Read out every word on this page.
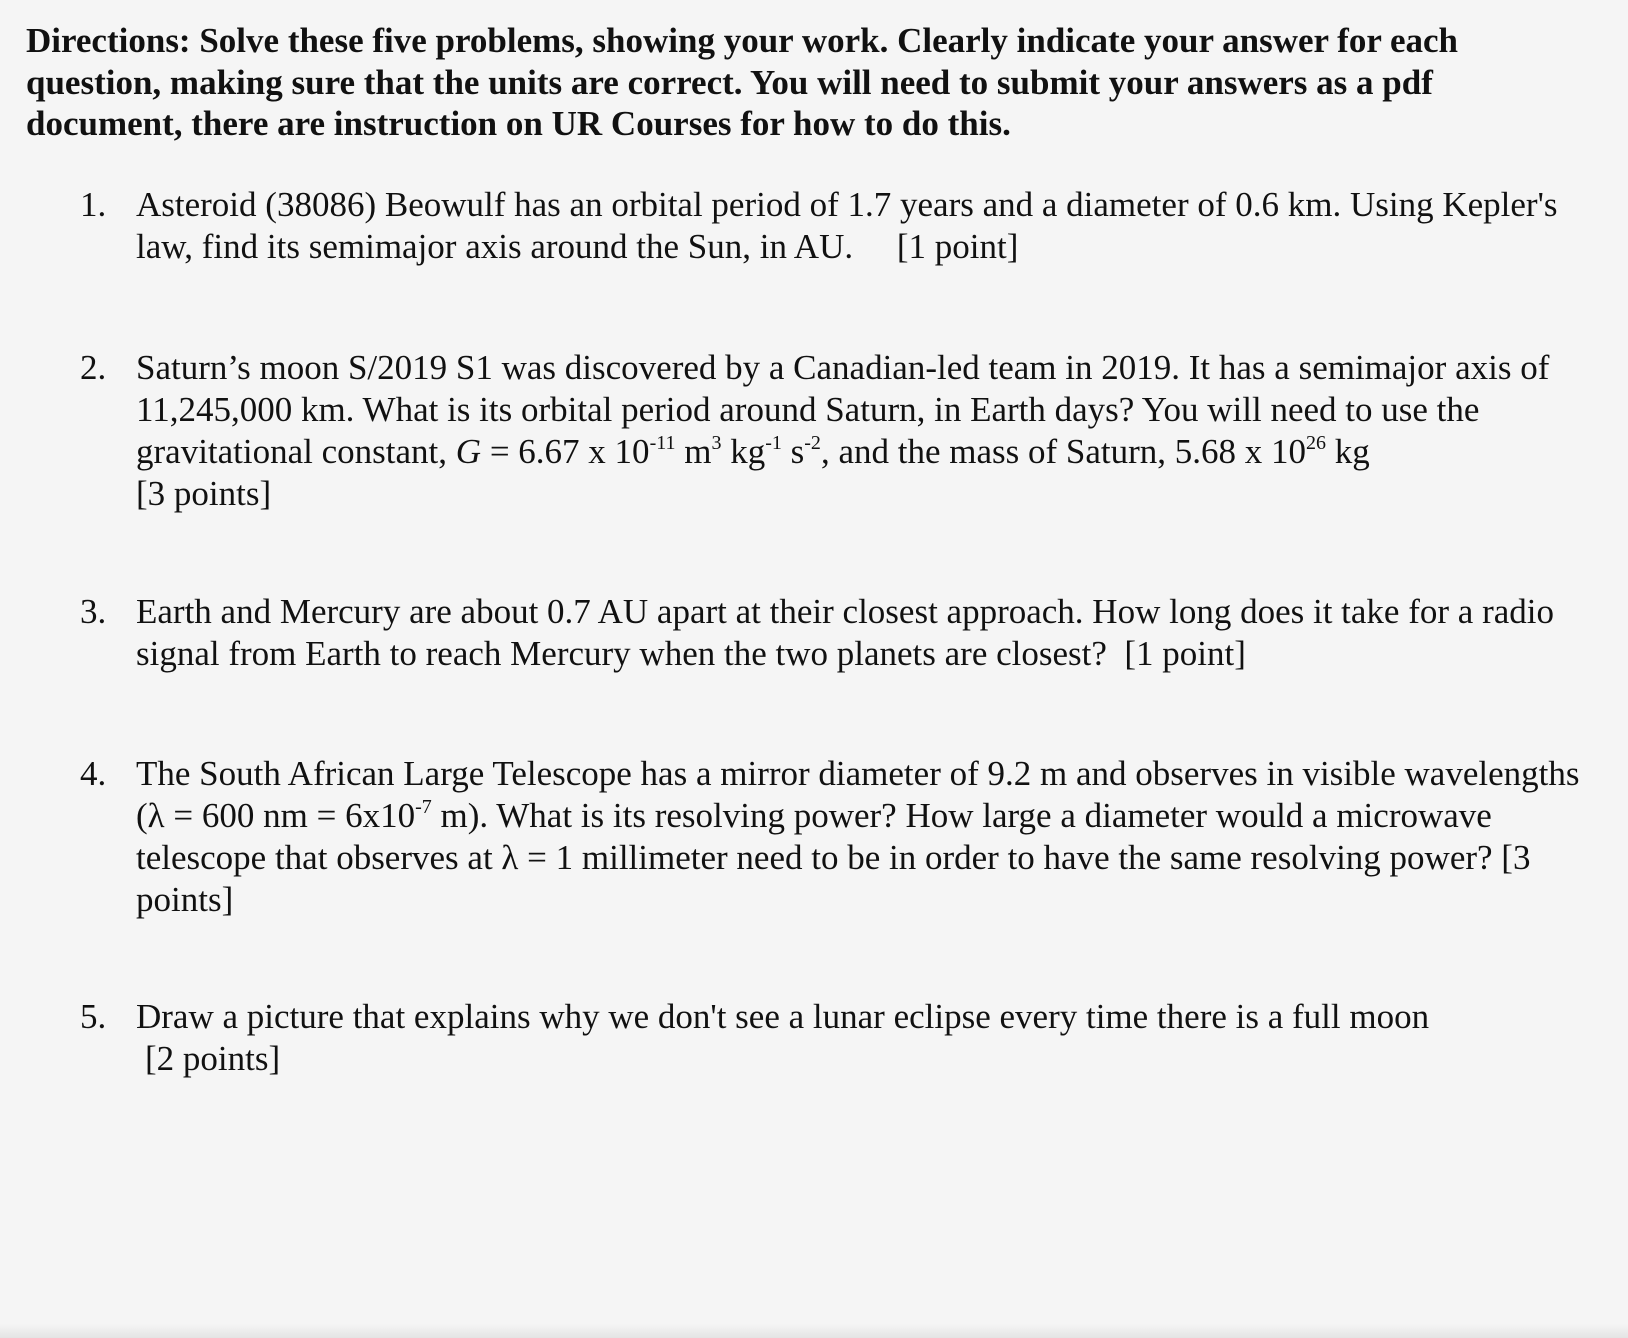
Directions: Solve these five problems, showing your work. Clearly indicate your answer for each question, making sure that the units are correct. You will need to submit your answers as a pdf document, there are instruction on UR Courses for how to do this.

1. Asteroid (38086) Beowulf has an orbital period of 1.7 years and a diameter of 0.6 km. Using Kepler's law, find its semimajor axis around the Sun, in AU. [1 point]
2. Saturn’s moon S/2019 S1 was discovered by a Canadian-led team in 2019. It has a semimajor axis of 11,245,000 km. What is its orbital period around Saturn, in Earth days? You will need to use the gravitational constant, G = 6.67 x $10^{-11}$ $m^3$ $kg^{-1}$ $s^{-2}$, and the mass of Saturn, 5.68 x $10^{26}$ kg
[3 points]
3. Earth and Mercury are about 0.7 AU apart at their closest approach. How long does it take for a radio signal from Earth to reach Mercury when the two planets are closest? [1 point]
4. The South African Large Telescope has a mirror diameter of 9.2 m and observes in visible wavelengths (λ = 600 nm = $6x10^{-7}$ m). What is its resolving power? How large a diameter would a microwave telescope that observes at λ = 1 millimeter need to be in order to have the same resolving power? [3 points]
5. Draw a picture that explains why we don't see a lunar eclipse every time there is a full moon
[2 points]
